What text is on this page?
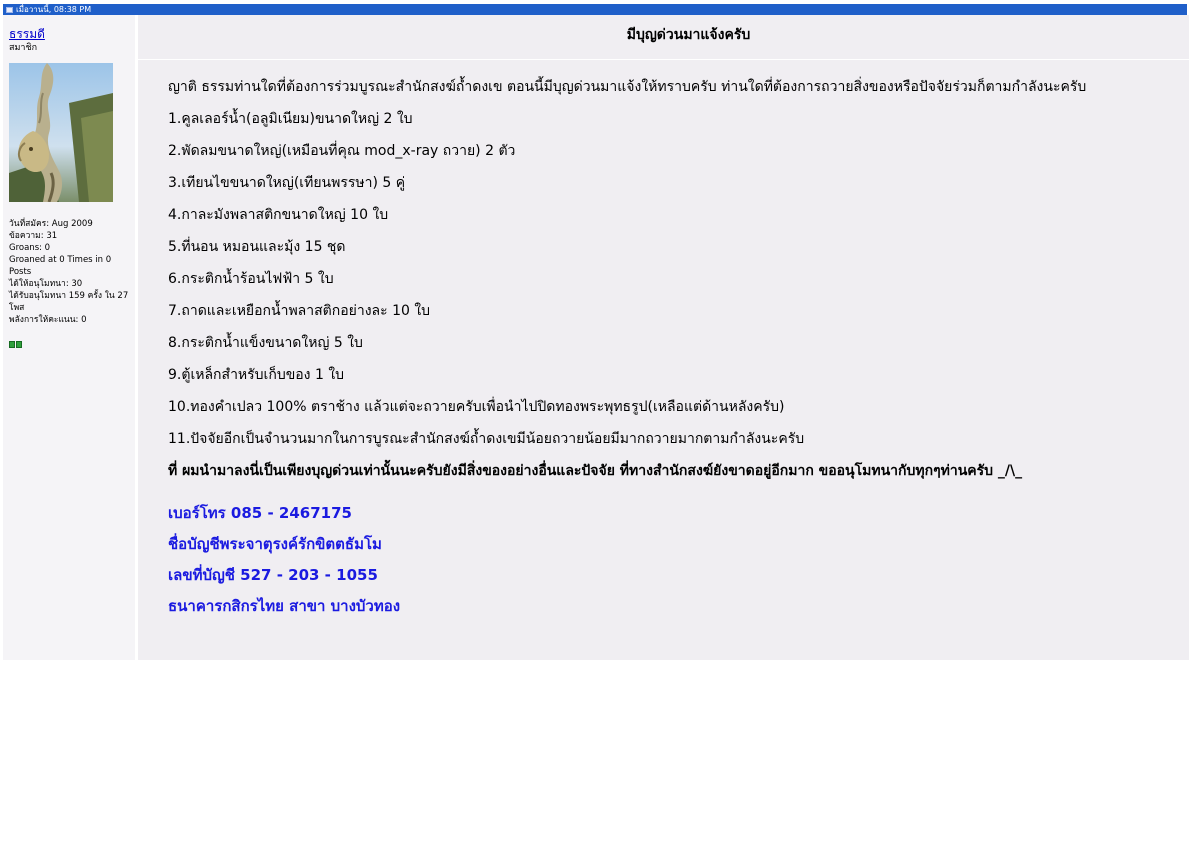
เมื่อวานนี้, 08:38 PM
ธรรมดี
สมาชิก
วันที่สมัคร: Aug 2009
ข้อความ: 31
Groans: 0
Groaned at 0 Times in 0 Posts
ได้ให้อนุโมทนา: 30
ได้รับอนุโมทนา 159 ครั้ง ใน 27 โพส
พลังการให้คะแนน: 0
มีบุญด่วนมาแจ้งครับ
ญาติ ธรรมท่านใดที่ต้องการร่วมบูรณะสำนักสงฆ์ถ้ำดงเข ตอนนี้มีบุญด่วนมาแจ้งให้ทราบครับ ท่านใดที่ต้องการถวายสิ่งของหรือปัจจัยร่วมก็ตามกำลังนะครับ
1.คูลเลอร์น้ำ(อลูมิเนียม)ขนาดใหญ่ 2 ใบ
2.พัดลมขนาดใหญ่(เหมือนที่คุณ mod_x-ray ถวาย) 2 ตัว
3.เทียนไขขนาดใหญ่(เทียนพรรษา) 5 คู่
4.กาละมังพลาสติกขนาดใหญ่ 10 ใบ
5.ที่นอน หมอนและมุ้ง 15 ชุด
6.กระติกน้ำร้อนไฟฟ้า 5 ใบ
7.ถาดและเหยือกน้ำพลาสติกอย่างละ 10 ใบ
8.กระติกน้ำแข็งขนาดใหญ่ 5 ใบ
9.ตู้เหล็กสำหรับเก็บของ 1 ใบ
10.ทองคำเปลว 100% ตราช้าง แล้วแต่จะถวายครับเพื่อนำไปปิดทองพระพุทธรูป(เหลือแต่ด้านหลังครับ)
11.ปัจจัยอีกเป็นจำนวนมากในการบูรณะสำนักสงฆ์ถ้ำดงเขมีน้อยถวายน้อยมีมากถวายมากตามกำลังนะครับ
ที่ ผมนำมาลงนี่เป็นเพียงบุญด่วนเท่านั้นนะครับยังมีสิ่งของอย่างอื่นและปัจจัย ที่ทางสำนักสงฆ์ยังขาดอยู่อีกมาก ขออนุโมทนากับทุกๆท่านครับ _/\_
เบอร์โทร 085 - 2467175
ชื่อบัญชีพระจาตุรงค์รักขิตตธัมโม
เลขที่บัญชี 527 - 203 - 1055
ธนาคารกสิกรไทย สาขา บางบัวทอง
